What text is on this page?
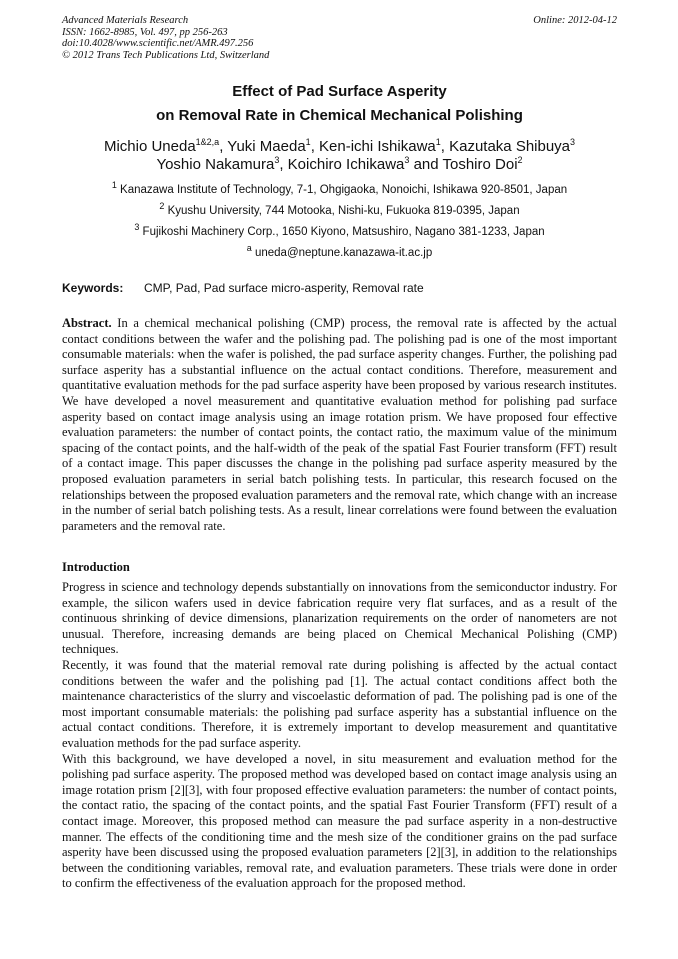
Advanced Materials Research
ISSN: 1662-8985, Vol. 497, pp 256-263
doi:10.4028/www.scientific.net/AMR.497.256
© 2012 Trans Tech Publications Ltd, Switzerland
Online: 2012-04-12
Effect of Pad Surface Asperity
on Removal Rate in Chemical Mechanical Polishing
Michio Uneda$^{1\&2,a}$, Yuki Maeda$^1$, Ken-ichi Ishikawa$^1$, Kazutaka Shibuya$^3$
Yoshio Nakamura$^3$, Koichiro Ichikawa$^3$ and Toshiro Doi$^2$
$^1$ Kanazawa Institute of Technology, 7-1, Ohgigaoka, Nonoichi, Ishikawa 920-8501, Japan
$^2$ Kyushu University, 744 Motooka, Nishi-ku, Fukuoka 819-0395, Japan
$^3$ Fujikoshi Machinery Corp., 1650 Kiyono, Matsushiro, Nagano 381-1233, Japan
$^a$ uneda@neptune.kanazawa-it.ac.jp
Keywords: CMP, Pad, Pad surface micro-asperity, Removal rate
Abstract. In a chemical mechanical polishing (CMP) process, the removal rate is affected by the actual contact conditions between the wafer and the polishing pad. The polishing pad is one of the most important consumable materials: when the wafer is polished, the pad surface asperity changes. Further, the polishing pad surface asperity has a substantial influence on the actual contact conditions. Therefore, measurement and quantitative evaluation methods for the pad surface asperity have been proposed by various research institutes. We have developed a novel measurement and quantitative evaluation method for polishing pad surface asperity based on contact image analysis using an image rotation prism. We have proposed four effective evaluation parameters: the number of contact points, the contact ratio, the maximum value of the minimum spacing of the contact points, and the half-width of the peak of the spatial Fast Fourier transform (FFT) result of a contact image. This paper discusses the change in the polishing pad surface asperity measured by the proposed evaluation parameters in serial batch polishing tests. In particular, this research focused on the relationships between the proposed evaluation parameters and the removal rate, which change with an increase in the number of serial batch polishing tests. As a result, linear correlations were found between the evaluation parameters and the removal rate.
Introduction

Progress in science and technology depends substantially on innovations from the semiconductor industry. For example, the silicon wafers used in device fabrication require very flat surfaces, and as a result of the continuous shrinking of device dimensions, planarization requirements on the order of nanometers are not unusual. Therefore, increasing demands are being placed on Chemical Mechanical Polishing (CMP) techniques.

Recently, it was found that the material removal rate during polishing is affected by the actual contact conditions between the wafer and the polishing pad [1]. The actual contact conditions affect both the maintenance characteristics of the slurry and viscoelastic deformation of pad. The polishing pad is one of the most important consumable materials: the polishing pad surface asperity has a substantial influence on the actual contact conditions. Therefore, it is extremely important to develop measurement and quantitative evaluation methods for the pad surface asperity.

With this background, we have developed a novel, in situ measurement and evaluation method for the polishing pad surface asperity. The proposed method was developed based on contact image analysis using an image rotation prism [2][3], with four proposed effective evaluation parameters: the number of contact points, the contact ratio, the spacing of the contact points, and the spatial Fast Fourier Transform (FFT) result of a contact image. Moreover, this proposed method can measure the pad surface asperity in a non-destructive manner. The effects of the conditioning time and the mesh size of the conditioner grains on the pad surface asperity have been discussed using the proposed evaluation parameters [2][3], in addition to the relationships between the conditioning variables, removal rate, and evaluation parameters. These trials were done in order to confirm the effectiveness of the evaluation approach for the proposed method.
